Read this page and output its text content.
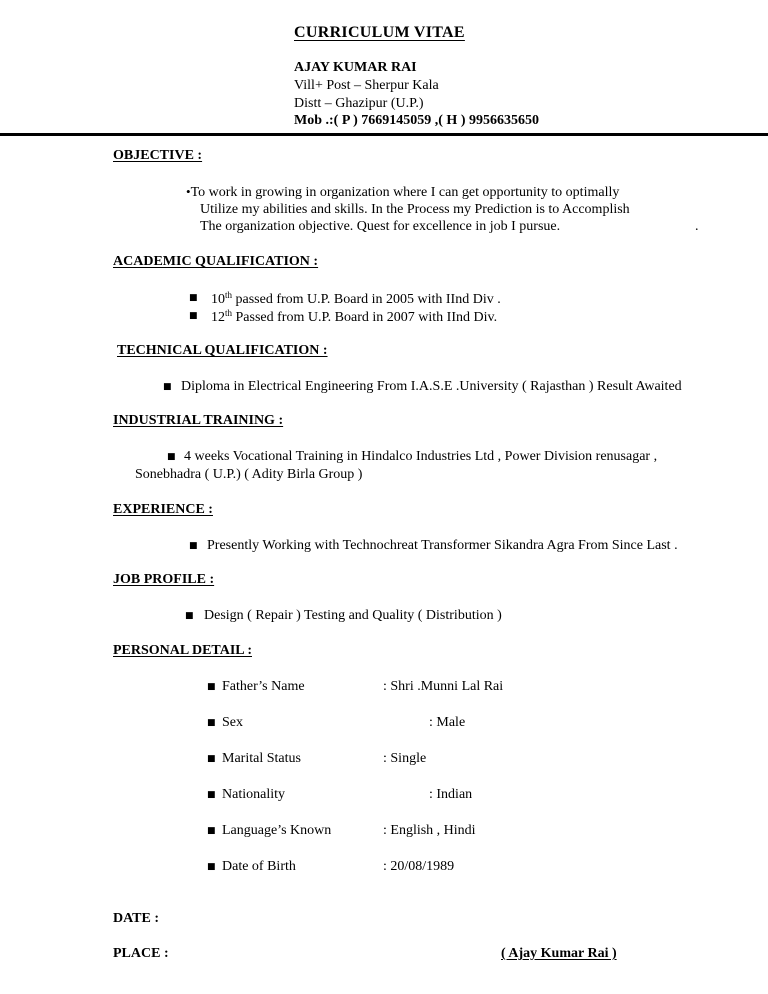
CURRICULUM VITAE
AJAY KUMAR RAI
Vill+ Post – Sherpur Kala
Distt – Ghazipur (U.P.)
Mob .:( P ) 7669145059 ,( H ) 9956635650
OBJECTIVE :
•To work in growing in organization where I can get opportunity to optimally
Utilize my abilities and skills. In the Process my Prediction is to Accomplish
The organization objective. Quest for excellence in job I pursue.	.
ACADEMIC QUALIFICATION :
■ 10th passed from U.P. Board in 2005 with IInd Div .
■ 12th Passed from U.P. Board in 2007 with IInd Div.
TECHNICAL QUALIFICATION :
■ Diploma in Electrical Engineering From I.A.S.E .University ( Rajasthan ) Result Awaited
INDUSTRIAL TRAINING :
■ 4 weeks Vocational Training in Hindalco Industries Ltd , Power Division renusagar ,
Sonebhadra ( U.P.) ( Adity Birla Group )
EXPERIENCE :
■ Presently Working with Technochreat Transformer Sikandra Agra From Since Last .
JOB PROFILE :
■ Design ( Repair ) Testing and Quality ( Distribution )
PERSONAL DETAIL :
■ Father’s Name	: Shri .Munni Lal Rai
■ Sex	: Male
■ Marital Status	: Single
■ Nationality	: Indian
■ Language’s Known	: English , Hindi
■ Date of Birth	: 20/08/1989
DATE :
PLACE :	( Ajay Kumar Rai )
